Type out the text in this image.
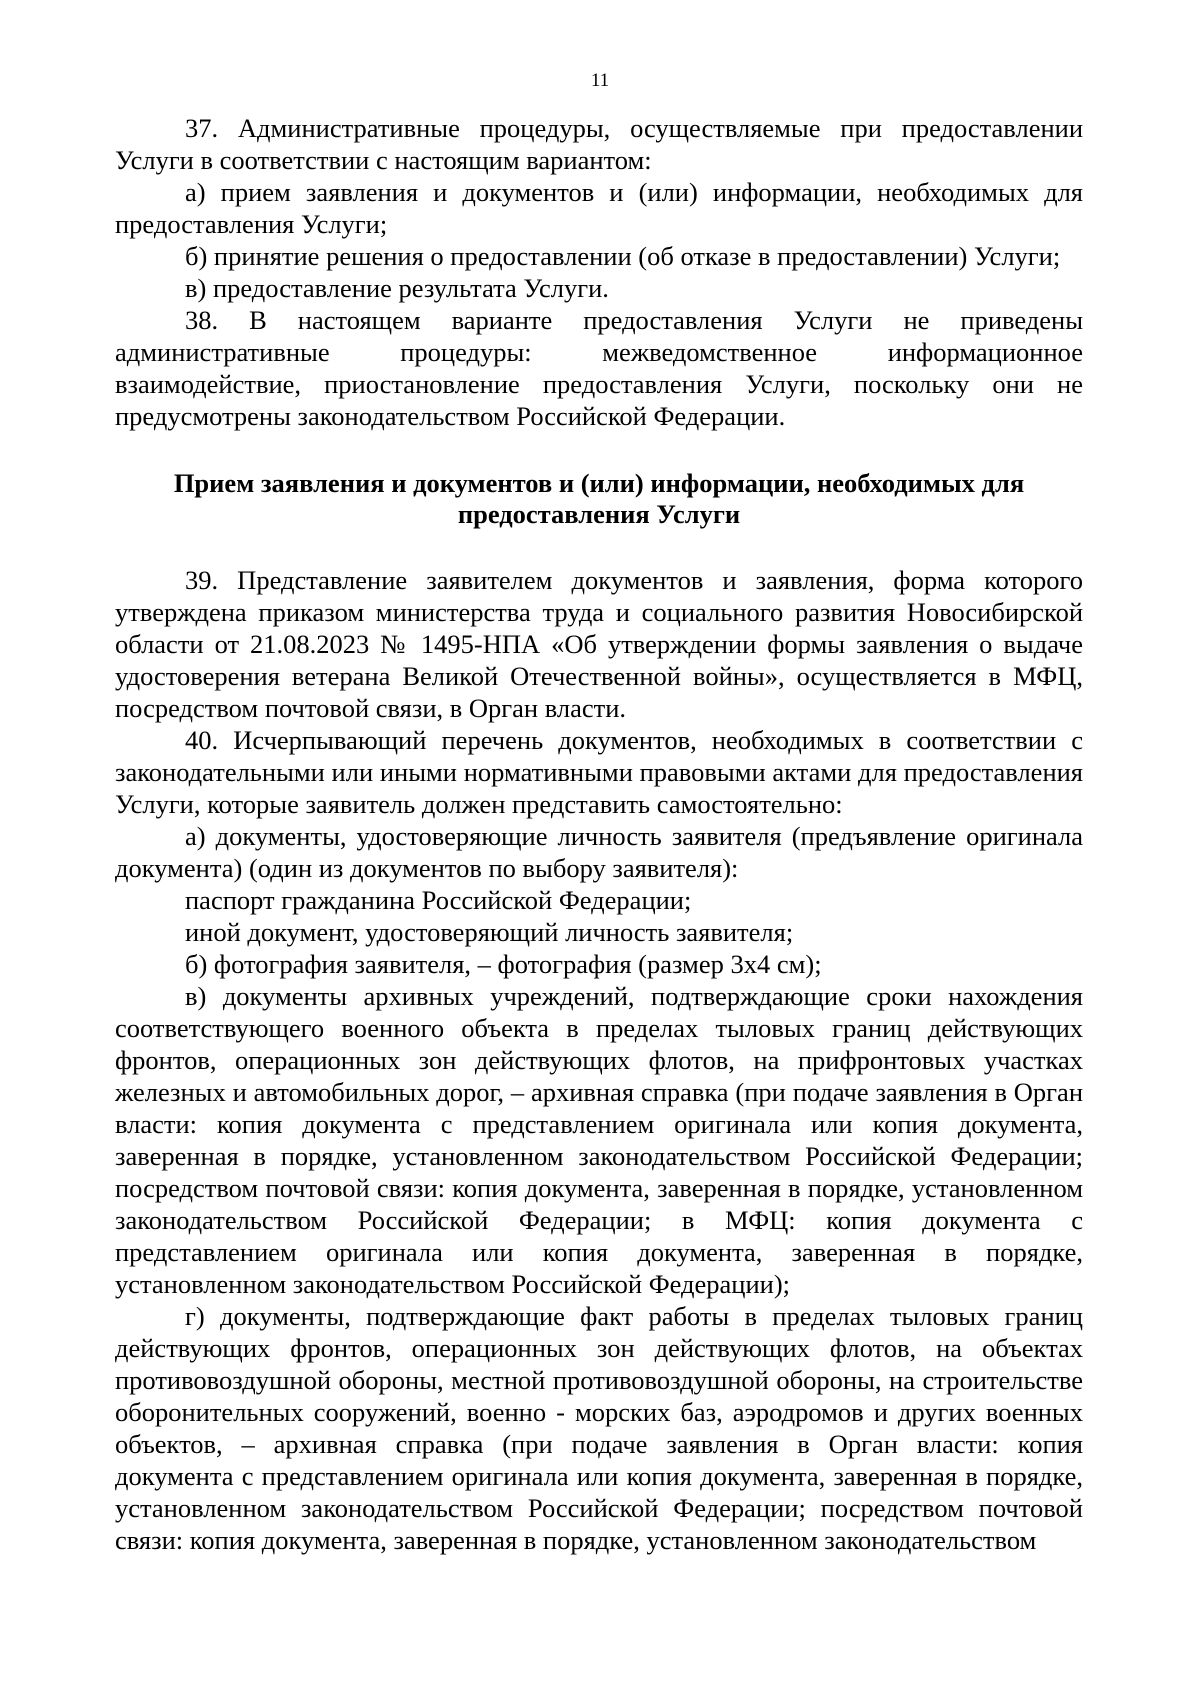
11

37. Административные процедуры, осуществляемые при предоставлении Услуги в соответствии с настоящим вариантом:

а) прием заявления и документов и (или) информации, необходимых для предоставления Услуги;

б) принятие решения о предоставлении (об отказе в предоставлении) Услуги;

в) предоставление результата Услуги.

38. В настоящем варианте предоставления Услуги не приведены административные процедуры: межведомственное информационное взаимодействие, приостановление предоставления Услуги, поскольку они не предусмотрены законодательством Российской Федерации.

Прием заявления и документов и (или) информации, необходимых для предоставления Услуги

39. Представление заявителем документов и заявления, форма которого утверждена приказом министерства труда и социального развития Новосибирской области от 21.08.2023 № 1495-НПА «Об утверждении формы заявления о выдаче удостоверения ветерана Великой Отечественной войны», осуществляется в МФЦ, посредством почтовой связи, в Орган власти.

40. Исчерпывающий перечень документов, необходимых в соответствии с законодательными или иными нормативными правовыми актами для предоставления Услуги, которые заявитель должен представить самостоятельно:

а) документы, удостоверяющие личность заявителя (предъявление оригинала документа) (один из документов по выбору заявителя):

паспорт гражданина Российской Федерации;

иной документ, удостоверяющий личность заявителя;

б) фотография заявителя, – фотография (размер 3х4 см);

в) документы архивных учреждений, подтверждающие сроки нахождения соответствующего военного объекта в пределах тыловых границ действующих фронтов, операционных зон действующих флотов, на прифронтовых участках железных и автомобильных дорог, – архивная справка (при подаче заявления в Орган власти: копия документа с представлением оригинала или копия документа, заверенная в порядке, установленном законодательством Российской Федерации; посредством почтовой связи: копия документа, заверенная в порядке, установленном законодательством Российской Федерации; в МФЦ: копия документа с представлением оригинала или копия документа, заверенная в порядке, установленном законодательством Российской Федерации);

г) документы, подтверждающие факт работы в пределах тыловых границ действующих фронтов, операционных зон действующих флотов, на объектах противовоздушной обороны, местной противовоздушной обороны, на строительстве оборонительных сооружений, военно - морских баз, аэродромов и других военных объектов, – архивная справка (при подаче заявления в Орган власти: копия документа с представлением оригинала или копия документа, заверенная в порядке, установленном законодательством Российской Федерации; посредством почтовой связи: копия документа, заверенная в порядке, установленном законодательством
